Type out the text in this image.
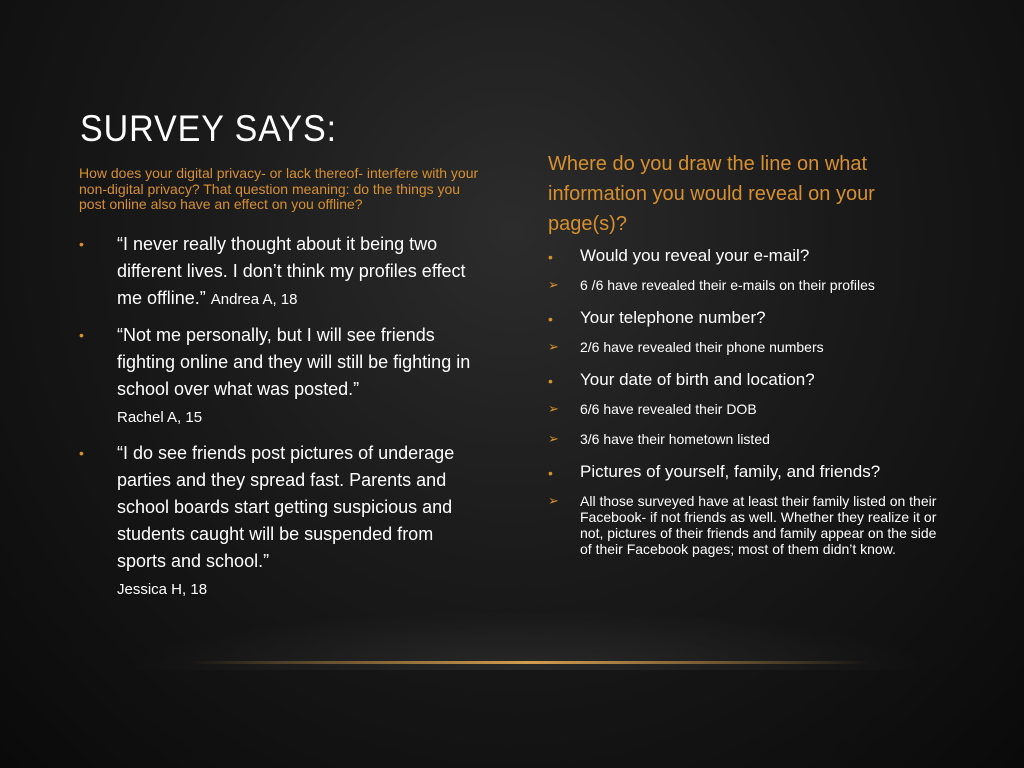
SURVEY SAYS:

How does your digital privacy- or lack thereof- interfere with your non-digital privacy? That question meaning: do the things you post online also have an effect on you offline?

• “I never really thought about it being two different lives. I don’t think my profiles effect me offline.” Andrea A, 18
• “Not me personally, but I will see friends fighting online and they will still be fighting in school over what was posted.”
Rachel A, 15
• “I do see friends post pictures of underage parties and they spread fast. Parents and school boards start getting suspicious and students caught will be suspended from sports and school.”
Jessica H, 18

Where do you draw the line on what information you would reveal on your page(s)?

• Would you reveal your e-mail?
➢ 6 /6 have revealed their e-mails on their profiles
• Your telephone number?
➢ 2/6 have revealed their phone numbers
• Your date of birth and location?
➢ 6/6 have revealed their DOB
➢ 3/6 have their hometown listed
• Pictures of yourself, family, and friends?
➢ All those surveyed have at least their family listed on their Facebook- if not friends as well. Whether they realize it or not, pictures of their friends and family appear on the side of their Facebook pages; most of them didn’t know.
